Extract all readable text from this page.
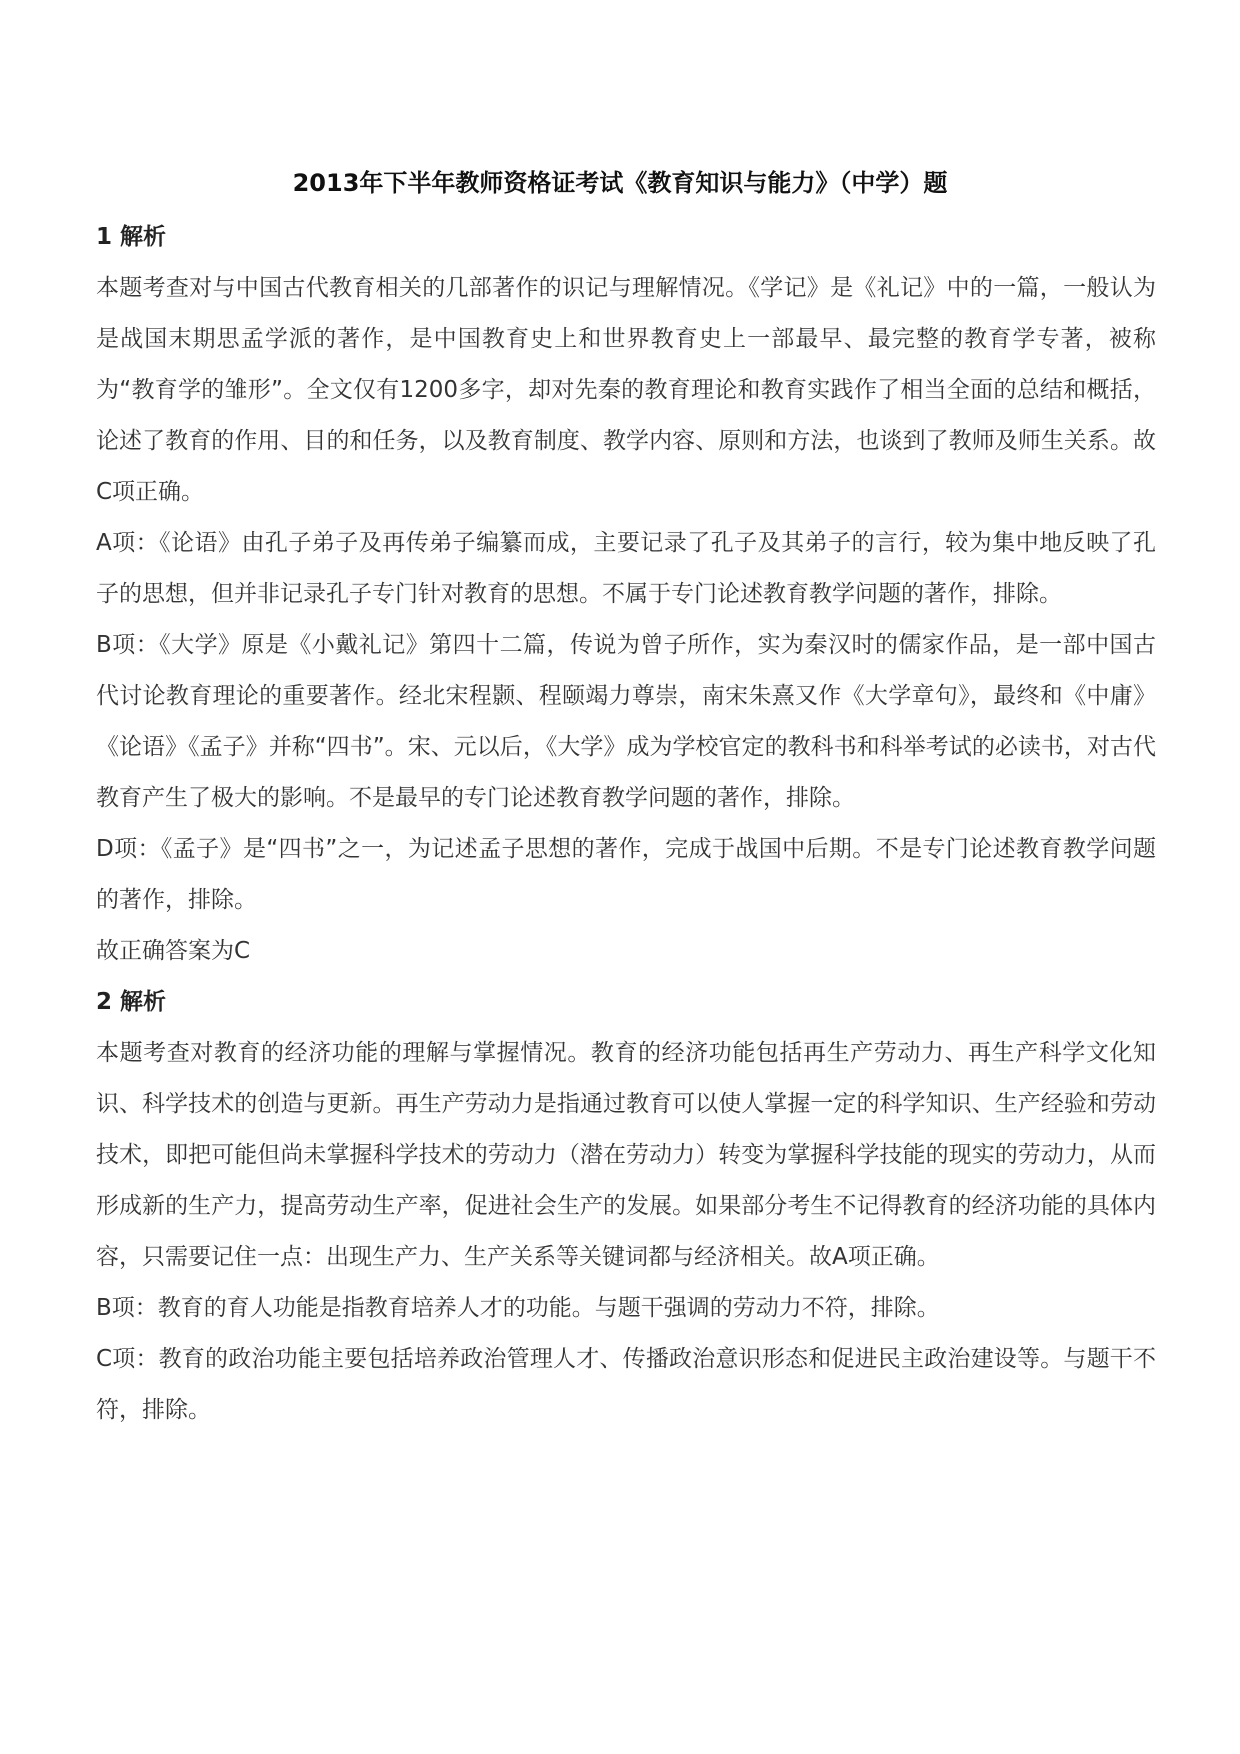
2013年下半年教师资格证考试《教育知识与能力》（中学）题

1 解析

本题考查对与中国古代教育相关的几部著作的识记与理解情况。《学记》是《礼记》中的一篇，一般认为是战国末期思孟学派的著作，是中国教育史上和世界教育史上一部最早、最完整的教育学专著，被称为“教育学的雏形”。全文仅有1200多字，却对先秦的教育理论和教育实践作了相当全面的总结和概括，论述了教育的作用、目的和任务，以及教育制度、教学内容、原则和方法，也谈到了教师及师生关系。故C项正确。

A项：《论语》由孔子弟子及再传弟子编纂而成，主要记录了孔子及其弟子的言行，较为集中地反映了孔子的思想，但并非记录孔子专门针对教育的思想。不属于专门论述教育教学问题的著作，排除。

B项：《大学》原是《小戴礼记》第四十二篇，传说为曾子所作，实为秦汉时的儒家作品，是一部中国古代讨论教育理论的重要著作。经北宋程颢、程颐竭力尊崇，南宋朱熹又作《大学章句》，最终和《中庸》《论语》《孟子》并称“四书”。宋、元以后，《大学》成为学校官定的教科书和科举考试的必读书，对古代教育产生了极大的影响。不是最早的专门论述教育教学问题的著作，排除。

D项：《孟子》是“四书”之一，为记述孟子思想的著作，完成于战国中后期。不是专门论述教育教学问题的著作，排除。

故正确答案为C

2 解析

本题考查对教育的经济功能的理解与掌握情况。教育的经济功能包括再生产劳动力、再生产科学文化知识、科学技术的创造与更新。再生产劳动力是指通过教育可以使人掌握一定的科学知识、生产经验和劳动技术，即把可能但尚未掌握科学技术的劳动力（潜在劳动力）转变为掌握科学技能的现实的劳动力，从而形成新的生产力，提高劳动生产率，促进社会生产的发展。如果部分考生不记得教育的经济功能的具体内容，只需要记住一点：出现生产力、生产关系等关键词都与经济相关。故A项正确。

B项：教育的育人功能是指教育培养人才的功能。与题干强调的劳动力不符，排除。

C项：教育的政治功能主要包括培养政治管理人才、传播政治意识形态和促进民主政治建设等。与题干不符，排除。
